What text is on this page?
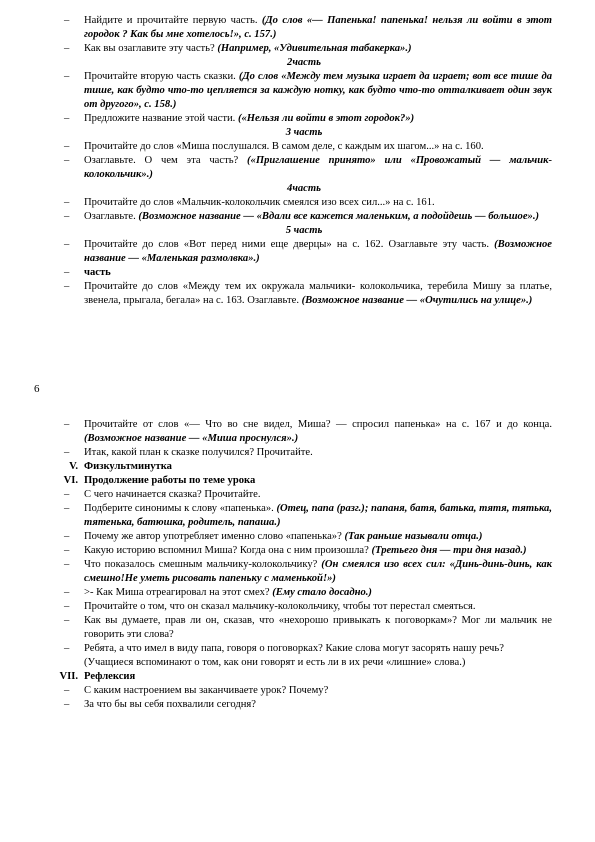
– Найдите и прочитайте первую часть. (До слов «— Папенька! папенька! нельзя ли войти в этот городок ? Как бы мне хотелось!», с. 157.)
– Как вы озаглавите эту часть? (Например, «Удивительная табакерка».)
2часть
– Прочитайте вторую часть сказки. (До слов «Между тем музыка играет да играет; вот все тише да тише, как будто что-то цепляется за каждую нотку, как будто что-то отталкивает один звук от другого», с. 158.)
– Предложите название этой части. («Нельзя ли войти в этот городок?»)
3 часть
– Прочитайте до слов «Миша послушался. В самом деле, с каждым их шагом...» на с. 160.
– Озаглавьте. О чем эта часть? («Приглашение принято» или «Провожатый — мальчик-колокольчик».)
4часть
– Прочитайте до слов «Мальчик-колокольчик смеялся изо всех сил...» на с. 161.
– Озаглавьте. (Возможное название — «Вдали все кажется маленьким, а подойдешь — большое».)
5 часть
– Прочитайте до слов «Вот перед ними еще дверцы» на с. 162. Озаглавьте эту часть. (Возможное название — «Маленькая размолвка».)
– часть
– Прочитайте до слов «Между тем их окружала мальчики- колокольчика, теребила Мишу за платье, звенела, прыгала, бегала» на с. 163. Озаглавьте. (Возможное название — «Очутились на улице».)
6
– Прочитайте от слов «— Что во сне видел, Миша? — спросил папенька» на с. 167 и до конца. (Возможное название — «Миша проснулся».)
– Итак, какой план к сказке получился? Прочитайте.
V. Физкультминутка
VI. Продолжение работы по теме урока
– С чего начинается сказка? Прочитайте.
– Подберите синонимы к слову «папенька». (Отец, папа (разг.); папаня, батя, батька, тятя, тятька, тятенька, батюшка, родитель, папаша.)
– Почему же автор употребляет именно слово «папенька»? (Так раньше называли отца.)
– Какую историю вспомнил Миша? Когда она с ним произошла? (Третьего дня — три дня назад.)
– Что показалось смешным мальчику-колокольчику? (Он смеялся изо всех сил: «Динь-динь-динь, как смешно!Не уметь рисовать папеньку с маменькой!»)
– >- Как Миша отреагировал на этот смех? (Ему стало досадно.)
– Прочитайте о том, что он сказал мальчику-колокольчику, чтобы тот перестал смеяться.
– Как вы думаете, прав ли он, сказав, что «нехорошо привыкать к поговоркам»? Мог ли мальчик не говорить эти слова?
– Ребята, а что имел в виду папа, говоря о поговорках? Какие слова могут засорять нашу речь?
(Учащиеся вспоминают о том, как они говорят и есть ли в их речи «лишние» слова.)
VII. Рефлексия
– С каким настроением вы заканчиваете урок? Почему?
– За что бы вы себя похвалили сегодня?
